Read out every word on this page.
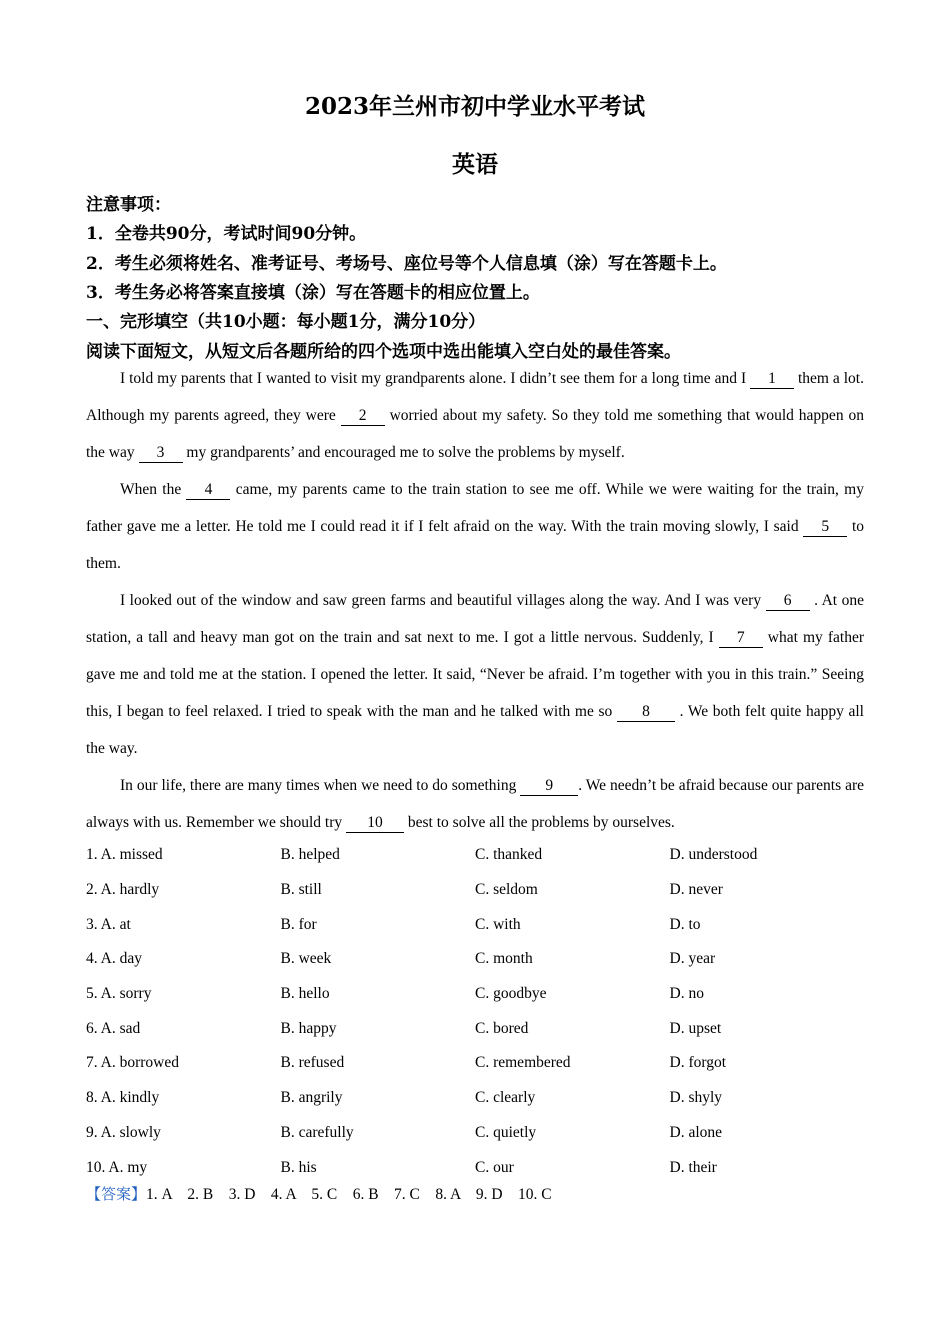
2023年兰州市初中学业水平考试
英语
注意事项：
1．全卷共90分，考试时间90分钟。
2．考生必须将姓名、准考证号、考场号、座位号等个人信息填（涂）写在答题卡上。
3．考生务必将答案直接填（涂）写在答题卡的相应位置上。
一、完形填空（共10小题：每小题1分，满分10分）
阅读下面短文，从短文后各题所给的四个选项中选出能填入空白处的最佳答案。

I told my parents that I wanted to visit my grandparents alone. I didn’t see them for a long time and I 1 them a lot. Although my parents agreed, they were 2 worried about my safety. So they told me something that would happen on the way 3 my grandparents’ and encouraged me to solve the problems by myself.

When the 4 came, my parents came to the train station to see me off. While we were waiting for the train, my father gave me a letter. He told me I could read it if I felt afraid on the way. With the train moving slowly, I said 5 to them.

I looked out of the window and saw green farms and beautiful villages along the way. And I was very 6 . At one station, a tall and heavy man got on the train and sat next to me. I got a little nervous. Suddenly, I 7 what my father gave me and told me at the station. I opened the letter. It said, “Never be afraid. I’m together with you in this train.” Seeing this, I began to feel relaxed. I tried to speak with the man and he talked with me so 8 . We both felt quite happy all the way.

In our life, there are many times when we need to do something 9 . We needn’t be afraid because our parents are always with us. Remember we should try 10 best to solve all the problems by ourselves.

1. A. missed	B. helped	C. thanked	D. understood
2. A. hardly	B. still	C. seldom	D. never
3. A. at	B. for	C. with	D. to
4. A. day	B. week	C. month	D. year
5. A. sorry	B. hello	C. goodbye	D. no
6. A. sad	B. happy	C. bored	D. upset
7. A. borrowed	B. refused	C. remembered	D. forgot
8. A. kindly	B. angrily	C. clearly	D. shyly
9. A. slowly	B. carefully	C. quietly	D. alone
10. A. my	B. his	C. our	D. their
【答案】1. A    2. B    3. D    4. A    5. C    6. B    7. C    8. A    9. D    10. C
